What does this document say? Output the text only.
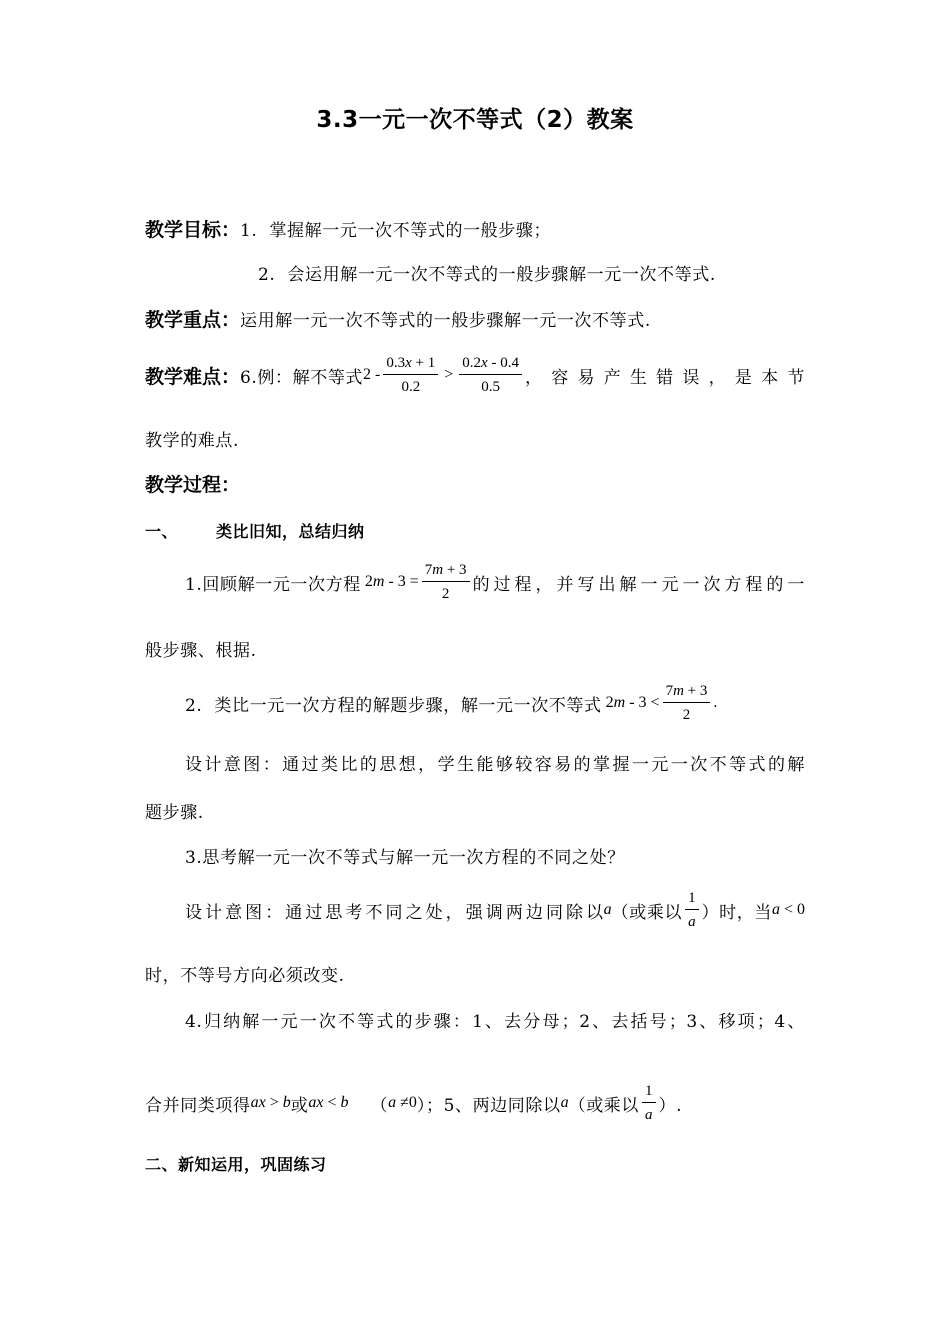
3.3一元一次不等式（2）教案
教学目标： 1.  掌握解一元一次不等式的一般步骤；
2.  会运用解一元一次不等式的一般步骤解一元一次不等式.
教学重点： 运用解一元一次不等式的一般步骤解一元一次不等式.
教学难点： 6.例：解不等式 $2 - \frac{0.3x + 1}{0.2} > \frac{0.2x - 0.4}{0.5}$ ，容易产生错误，是本节
教学的难点.
教学过程：
一、 类比旧知，总结归纳
1.回顾解一元一次方程 2 $m - 3 = \frac{7m + 3}{2}$ 的过程，并写出解一元一次方程的一
般步骤、根据.
2.  类比一元一次方程的解题步骤，解一元一次不等式 2 $m - 3 < \frac{7m + 3}{2}$ .
设计意图：通过类比的思想，学生能够较容易的掌握一元一次不等式的解
题步骤.
3.思考解一元一次不等式与解一元一次方程的不同之处？
设计意图：通过思考不同之处，强调两边同除以 a （或乘以 $\frac{1}{a}$ ）时，当 a < 0
时，不等号方向必须改变.
4.归纳解一元一次不等式的步骤：1、去分母；2、去括号；3、移项；4、
合并同类项得 ax > b 或 ax < b （ a ≠0 ）；5、两边同除以 a （或乘以 $\frac{1}{a}$ ）.
二、新知运用，巩固练习
